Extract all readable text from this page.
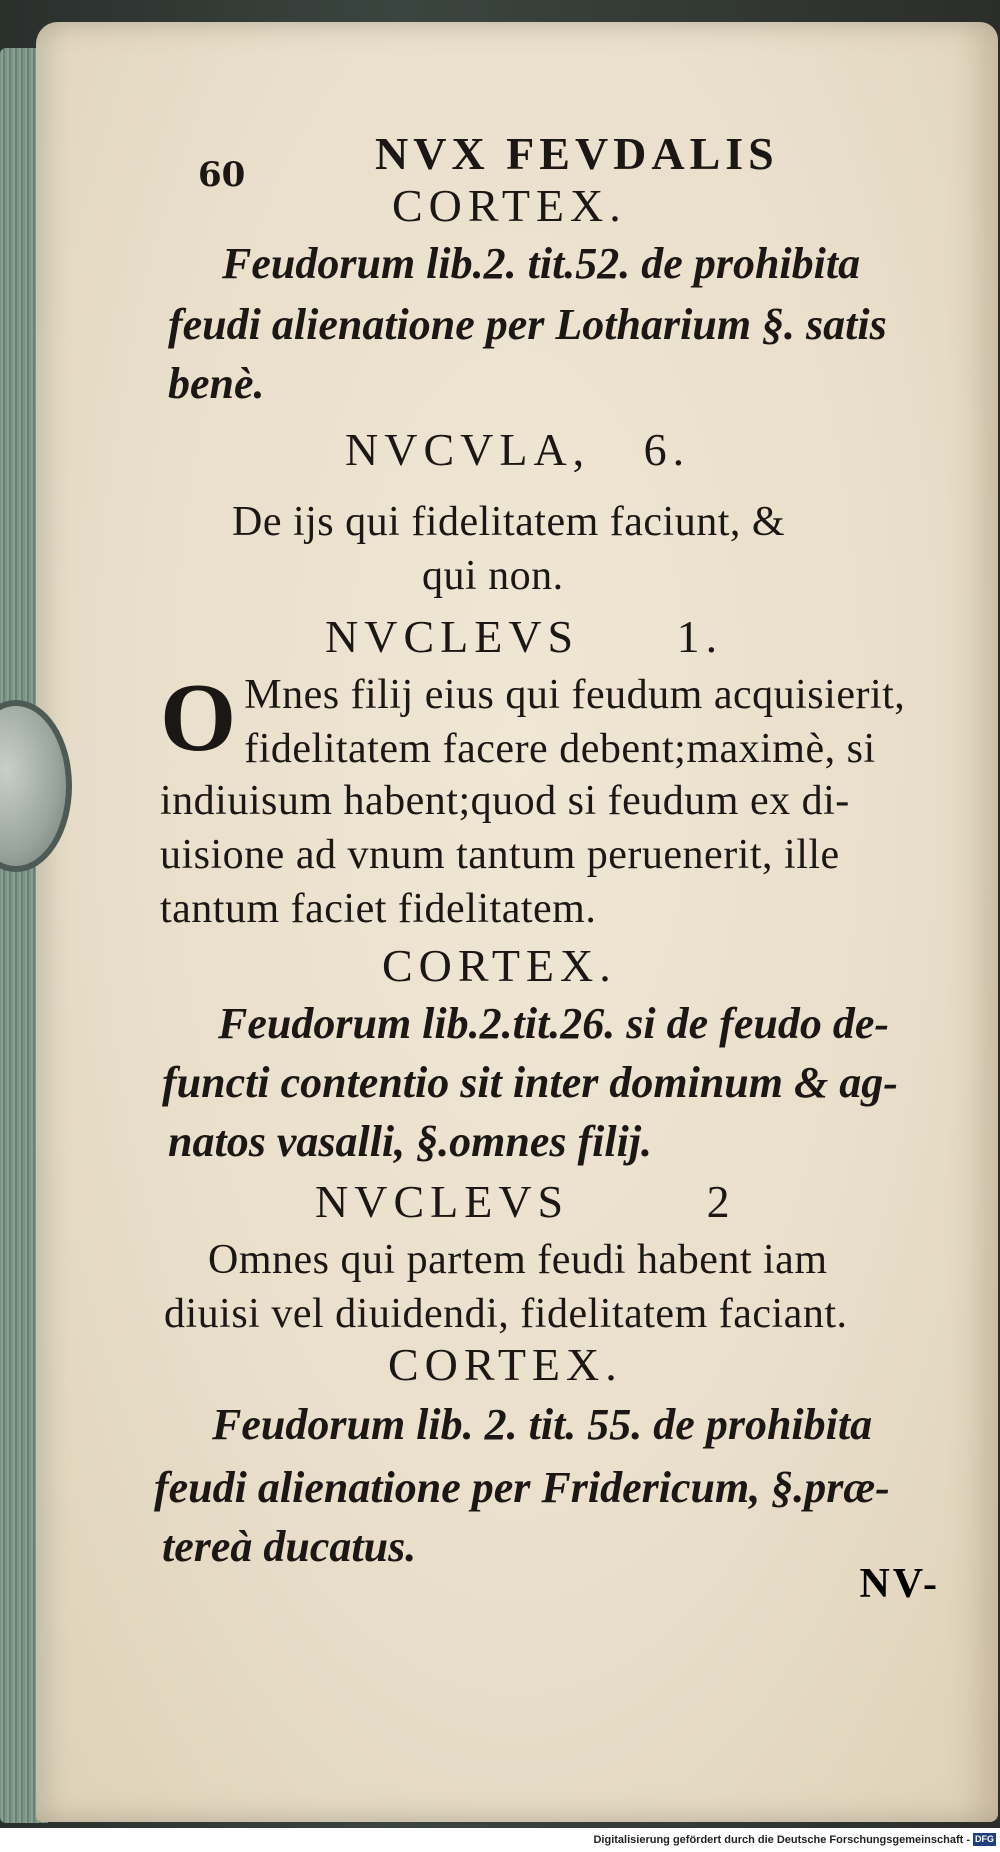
60	NVX FEVDALIS
CORTEX.
Feudorum lib.2. tit.52. de prohibita
feudi alienatione per Lotharium §. satis
benè.
NVCVLA, 6.
De ijs qui fidelitatem faciunt, &
qui non.
NVCLEVS 1.
O Mnes filij eius qui feudum acquisierit,
fidelitatem facere debent;maximè, si
indiuisum habent;quod si feudum ex di-
uisione ad vnum tantum peruenerit, ille
tantum faciet fidelitatem.
CORTEX.
Feudorum lib.2.tit.26. si de feudo de-
functi contentio sit inter dominum & ag-
natos vasalli, §.omnes filij.
NVCLEVS	2
Omnes qui partem feudi habent iam
diuisi vel diuidendi, fidelitatem faciant.
CORTEX.
Feudorum lib. 2. tit. 55. de prohibita
feudi alienatione per Fridericum, §.præ-
tereà ducatus.
NV-
Digitalisierung gefördert durch die Deutsche Forschungsgemeinschaft - DFG
